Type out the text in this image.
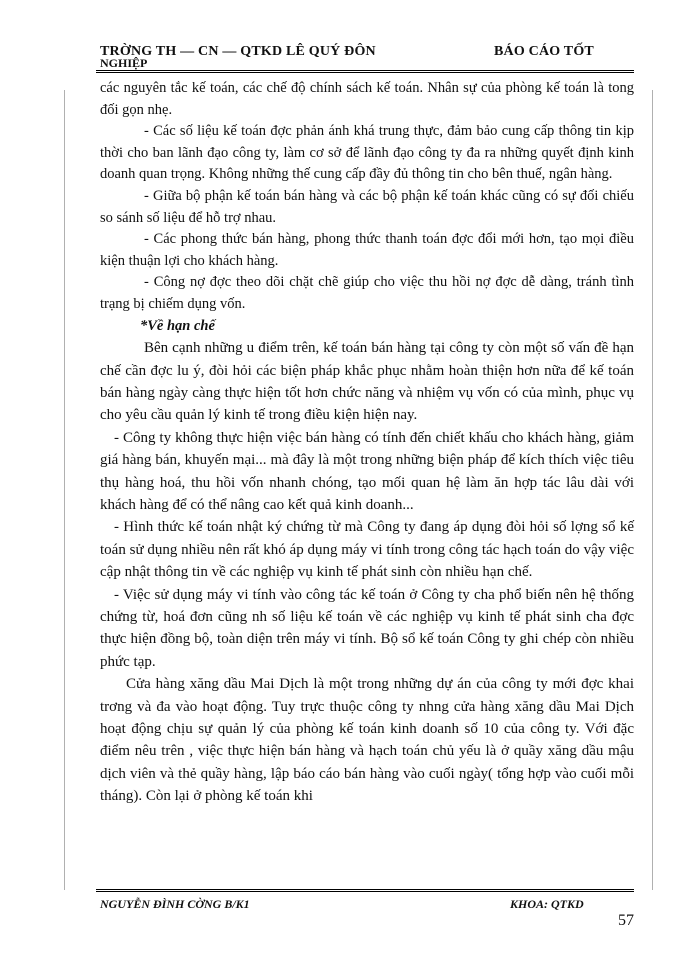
TRỜNG TH — CN — QTKD LÊ QUÝ ĐÔN	BÁO CÁO TỐT
NGHIỆP

các nguyên tắc kế toán, các chế độ chính sách kế toán. Nhân sự của phòng kế toán là tong đối gọn nhẹ.

- Các số liệu kế toán đợc phản ánh khá trung thực, đảm bảo cung cấp thông tin kịp thời cho ban lãnh đạo công ty, làm cơ sở để lãnh đạo công ty đa ra những quyết định kinh doanh quan trọng. Không những thế cung cấp đầy đủ thông tin cho bên thuế, ngân hàng.

- Giữa bộ phận kế toán bán hàng và các bộ phận kế toán khác cũng có sự đối chiếu so sánh số liệu để hỗ trợ nhau.

- Các phong thức bán hàng, phong thức thanh toán đợc đổi mới hơn, tạo mọi điều kiện thuận lợi cho khách hàng.

- Công nợ đợc theo dõi chặt chẽ giúp cho việc thu hồi nợ đợc dễ dàng, tránh tình trạng bị chiếm dụng vốn.

*Về hạn chế

Bên cạnh những u điểm trên, kế toán bán hàng tại công ty còn một số vấn đề hạn chế cần đợc lu ý, đòi hỏi các biện pháp khắc phục nhằm hoàn thiện hơn nữa để kế toán bán hàng ngày càng thực hiện tốt hơn chức năng và nhiệm vụ vốn có của mình, phục vụ cho yêu cầu quản lý kinh tế trong điều kiện hiện nay.

- Công ty không thực hiện việc bán hàng có tính đến chiết khấu cho khách hàng, giảm giá hàng bán, khuyến mại... mà đây là một trong những biện pháp để kích thích việc tiêu thụ hàng hoá, thu hồi vốn nhanh chóng, tạo mối quan hệ làm ăn hợp tác lâu dài với khách hàng để có thể nâng cao kết quả kinh doanh...

- Hình thức kế toán nhật ký chứng từ mà Công ty đang áp dụng đòi hỏi số lợng sổ kế toán sử dụng nhiều nên rất khó áp dụng máy vi tính trong công tác hạch toán do vậy việc cập nhật thông tin về các nghiệp vụ kinh tế phát sinh còn nhiều hạn chế.

- Việc sử dụng máy vi tính vào công tác kế toán ở Công ty cha phổ biến nên hệ thống chứng từ, hoá đơn cũng nh số liệu kế toán về các nghiệp vụ kinh tế phát sinh cha đợc thực hiện đồng bộ, toàn diện trên máy vi tính. Bộ sổ kế toán Công ty ghi chép còn nhiều phức tạp.

Cửa hàng xăng dầu Mai Dịch là một trong những dự án của công ty mới đợc khai trơng và đa vào hoạt động. Tuy trực thuộc công ty nhng cửa hàng xăng dầu Mai Dịch hoạt động chịu sự quản lý của phòng kế toán kinh doanh số 10 của công ty. Với đặc điểm nêu trên , việc thực hiện bán hàng và hạch toán chủ yếu là ở quầy xăng dầu mậu dịch viên và thẻ quầy hàng, lập báo cáo bán hàng vào cuối ngày( tổng hợp vào cuối mỗi tháng). Còn lại ở phòng kế toán khi

NGUYỄN ĐÌNH CỜNG B/K1	KHOA: QTKD
57
